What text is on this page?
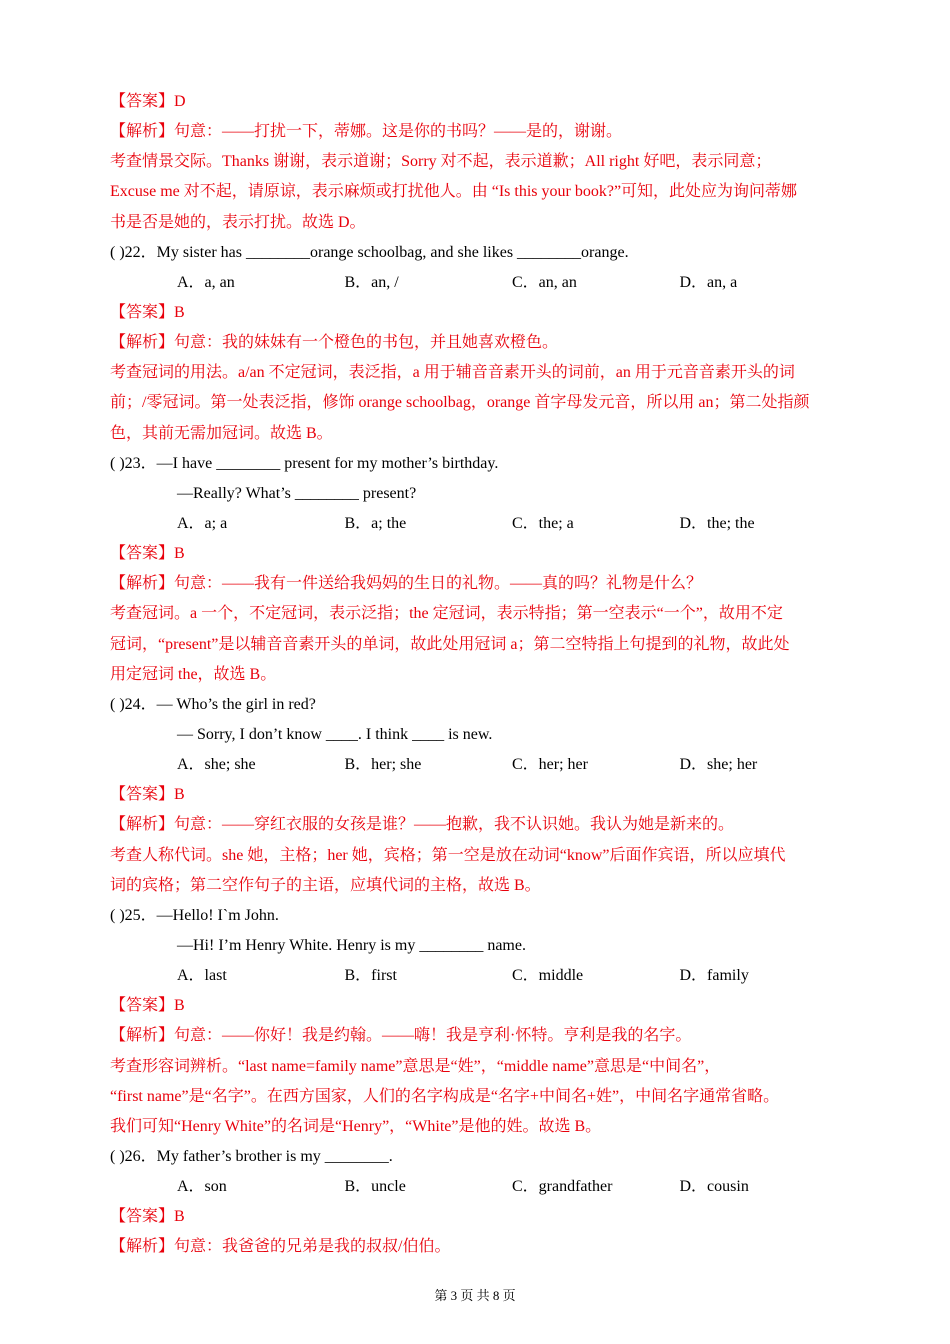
【答案】D
【解析】句意：——打扰一下，蒂娜。这是你的书吗？——是的，谢谢。
考查情景交际。Thanks 谢谢，表示道谢；Sorry 对不起，表示道歉；All right 好吧，表示同意；
Excuse me 对不起，请原谅，表示麻烦或打扰他人。由 “Is this your book?”可知，此处应为询问蒂娜
书是否是她的，表示打扰。故选 D。
( )22．My sister has ________orange schoolbag, and she likes ________orange.
A．a, an	B．an, /	C．an, an	D．an, a
【答案】B
【解析】句意：我的妹妹有一个橙色的书包，并且她喜欢橙色。
考查冠词的用法。a/an 不定冠词，表泛指，a 用于辅音音素开头的词前，an 用于元音音素开头的词
前；/零冠词。第一处表泛指，修饰 orange schoolbag，orange 首字母发元音，所以用 an；第二处指颜
色，其前无需加冠词。故选 B。
( )23．—I have ________ present for my mother’s birthday.
—Really? What’s ________ present?
A．a; a	B．a; the	C．the; a	D．the; the
【答案】B
【解析】句意：——我有一件送给我妈妈的生日的礼物。——真的吗？礼物是什么？
考查冠词。a 一个，不定冠词，表示泛指；the 定冠词，表示特指；第一空表示“一个”，故用不定
冠词，“present”是以辅音音素开头的单词，故此处用冠词 a；第二空特指上句提到的礼物，故此处
用定冠词 the，故选 B。
( )24．— Who’s the girl in red?
— Sorry, I don’t know ____. I think ____ is new.
A．she; she	B．her; she	C．her; her	D．she; her
【答案】B
【解析】句意：——穿红衣服的女孩是谁？——抱歉，我不认识她。我认为她是新来的。
考查人称代词。she 她，主格；her 她，宾格；第一空是放在动词“know”后面作宾语，所以应填代
词的宾格；第二空作句子的主语，应填代词的主格，故选 B。
( )25．—Hello! I`m John.
—Hi! I’m Henry White. Henry is my ________ name.
A．last	B．first	C．middle	D．family
【答案】B
【解析】句意：——你好！我是约翰。——嗨！我是亨利·怀特。亨利是我的名字。
考查形容词辨析。“last name=family name”意思是“姓”，“middle name”意思是“中间名”，
“first name”是“名字”。在西方国家，人们的名字构成是“名字+中间名+姓”，中间名字通常省略。
我们可知“Henry White”的名词是“Henry”，“White”是他的姓。故选 B。
( )26．My father’s brother is my ________.
A．son	B．uncle	C．grandfather	D．cousin
【答案】B
【解析】句意：我爸爸的兄弟是我的叔叔/伯伯。
第 3 页 共 8 页
